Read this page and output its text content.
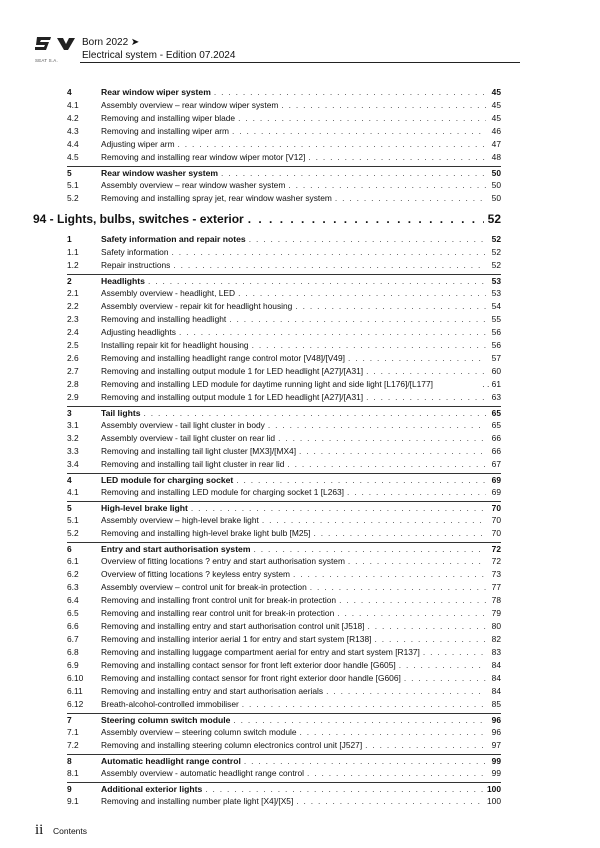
SEAT S.A.
Born 2022 ➤
Electrical system - Edition 07.2024
4	Rear window wiper system . . .	45
4.1	Assembly overview – rear window wiper system . . .	45
4.2	Removing and installing wiper blade . . .	45
4.3	Removing and installing wiper arm . . .	46
4.4	Adjusting wiper arm . . .	47
4.5	Removing and installing rear window wiper motor [V12] . . .	48
5	Rear window washer system . . .	50
5.1	Assembly overview – rear window washer system . . .	50
5.2	Removing and installing spray jet, rear window washer system . . .	50
94 - Lights, bulbs, switches - exterior . . .	52
1	Safety information and repair notes . . .	52
1.1	Safety information . . .	52
1.2	Repair instructions . . .	52
2	Headlights . . .	53
2.1	Assembly overview - headlight, LED . . .	53
2.2	Assembly overview - repair kit for headlight housing . . .	54
2.3	Removing and installing headlight . . .	55
2.4	Adjusting headlights . . .	56
2.5	Installing repair kit for headlight housing . . .	56
2.6	Removing and installing headlight range control motor [V48]/[V49] . . .	57
2.7	Removing and installing output module 1 for LED headlight [A27]/[A31] . . .	60
2.8	Removing and installing LED module for daytime running light and side light [L176]/[L177]	. . 61
2.9	Removing and installing output module 1 for LED headlight [A27]/[A31] . . .	63
3	Tail lights . . .	65
3.1	Assembly overview - tail light cluster in body . . .	65
3.2	Assembly overview - tail light cluster on rear lid . . .	66
3.3	Removing and installing tail light cluster [MX3]/[MX4] . . .	66
3.4	Removing and installing tail light cluster in rear lid . . .	67
4	LED module for charging socket . . .	69
4.1	Removing and installing LED module for charging socket 1 [L263] . . .	69
5	High-level brake light . . .	70
5.1	Assembly overview – high-level brake light . . .	70
5.2	Removing and installing high-level brake light bulb [M25] . . .	70
6	Entry and start authorisation system . . .	72
6.1	Overview of fitting locations ? entry and start authorisation system . . .	72
6.2	Overview of fitting locations ? keyless entry system . . .	73
6.3	Assembly overview – control unit for break-in protection . . .	77
6.4	Removing and installing front control unit for break-in protection . . .	78
6.5	Removing and installing rear control unit for break-in protection . . .	79
6.6	Removing and installing entry and start authorisation control unit [J518] . . .	80
6.7	Removing and installing interior aerial 1 for entry and start system [R138] . . .	82
6.8	Removing and installing luggage compartment aerial for entry and start system [R137] . . .	83
6.9	Removing and installing contact sensor for front left exterior door handle [G605] . . .	84
6.10 Removing and installing contact sensor for front right exterior door handle [G606] . . .	84
6.11 Removing and installing entry and start authorisation aerials . . .	84
6.12 Breath-alcohol-controlled immobiliser . . .	85
7	Steering column switch module . . .	96
7.1	Assembly overview – steering column switch module . . .	96
7.2	Removing and installing steering column electronics control unit [J527] . . .	97
8	Automatic headlight range control . . .	99
8.1	Assembly overview - automatic headlight range control . . .	99
9	Additional exterior lights . . .	100
9.1	Removing and installing number plate light [X4]/[X5] . . .	100
ii Contents
